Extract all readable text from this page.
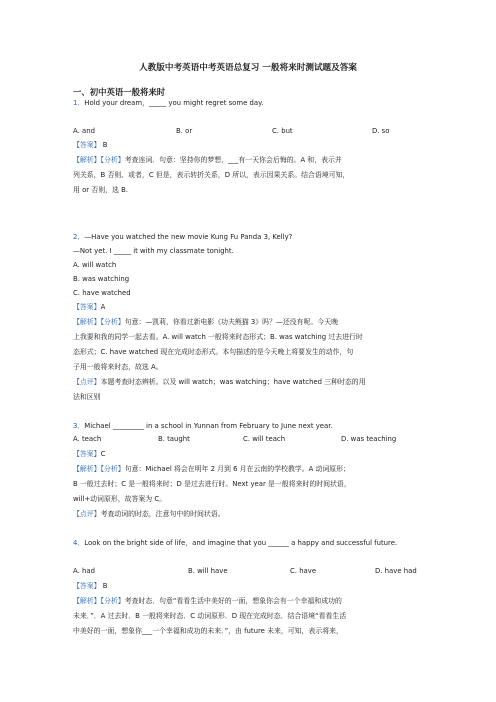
人教版中考英语中考英语总复习 一般将来时测试题及答案
一、初中英语一般将来时
1．Hold your dream，_____ you might regret some day.
A. and	B. or	C. but	D. so
【答案】 B
【解析】【分析】考查连词．句意：坚持你的梦想，___有一天你会后悔的。A 和，表示并
列关系，B 否则、或者，C 但是，表示转折关系，D 所以，表示因果关系。结合语境可知，
用 or 否则，选 B.
2．—Have you watched the new movie Kung Fu Panda 3, Kelly?
—Not yet. I _____ it with my classmate tonight.
A. will watch
B. was watching
C. have watched
【答案】A
【解析】【分析】句意：—凯莉，你看过新电影《功夫熊猫 3》吗？—还没有呢。今天晚
上我要和我的同学一起去看。A. will watch 一般将来时态形式；B. was watching 过去进行时
态形式；C. have watched 现在完成时态形式。本句描述的是今天晚上将要发生的动作，句
子用一般将来时态，故选 A。
【点评】本题考查时态辨析。以及 will watch；was watching；have watched 三种时态的用
法和区别
3．Michael _________ in a school in Yunnan from February to June next year.
A. teach	B. taught	C. will teach	D. was teaching
【答案】C
【解析】【分析】句意：Michael 将会在明年 2 月到 6 月在云南的学校教学。A 动词原形；
B 一般过去时；C 是一般将来时；D 是过去进行时。Next year 是一般将来时的时间状语，
will+动词原形，故答案为 C。
【点评】考查动词的时态，注意句中的时间状语。
4．Look on the bright side of life，and imagine that you ______ a happy and successful future.
A. had	B. will have	C. have	D. have had
【答案】 B
【解析】【分析】考查时态．句意“看看生活中美好的一面，想象你会有一个幸福和成功的
未来．”．A 过去时．B 一般将来时态．C 动词原形．D 现在完成时态．结合语境“看看生活
中美好的一面，想象你___一个幸福和成功的未来．”，由 future 未来，可知，表示将来，
